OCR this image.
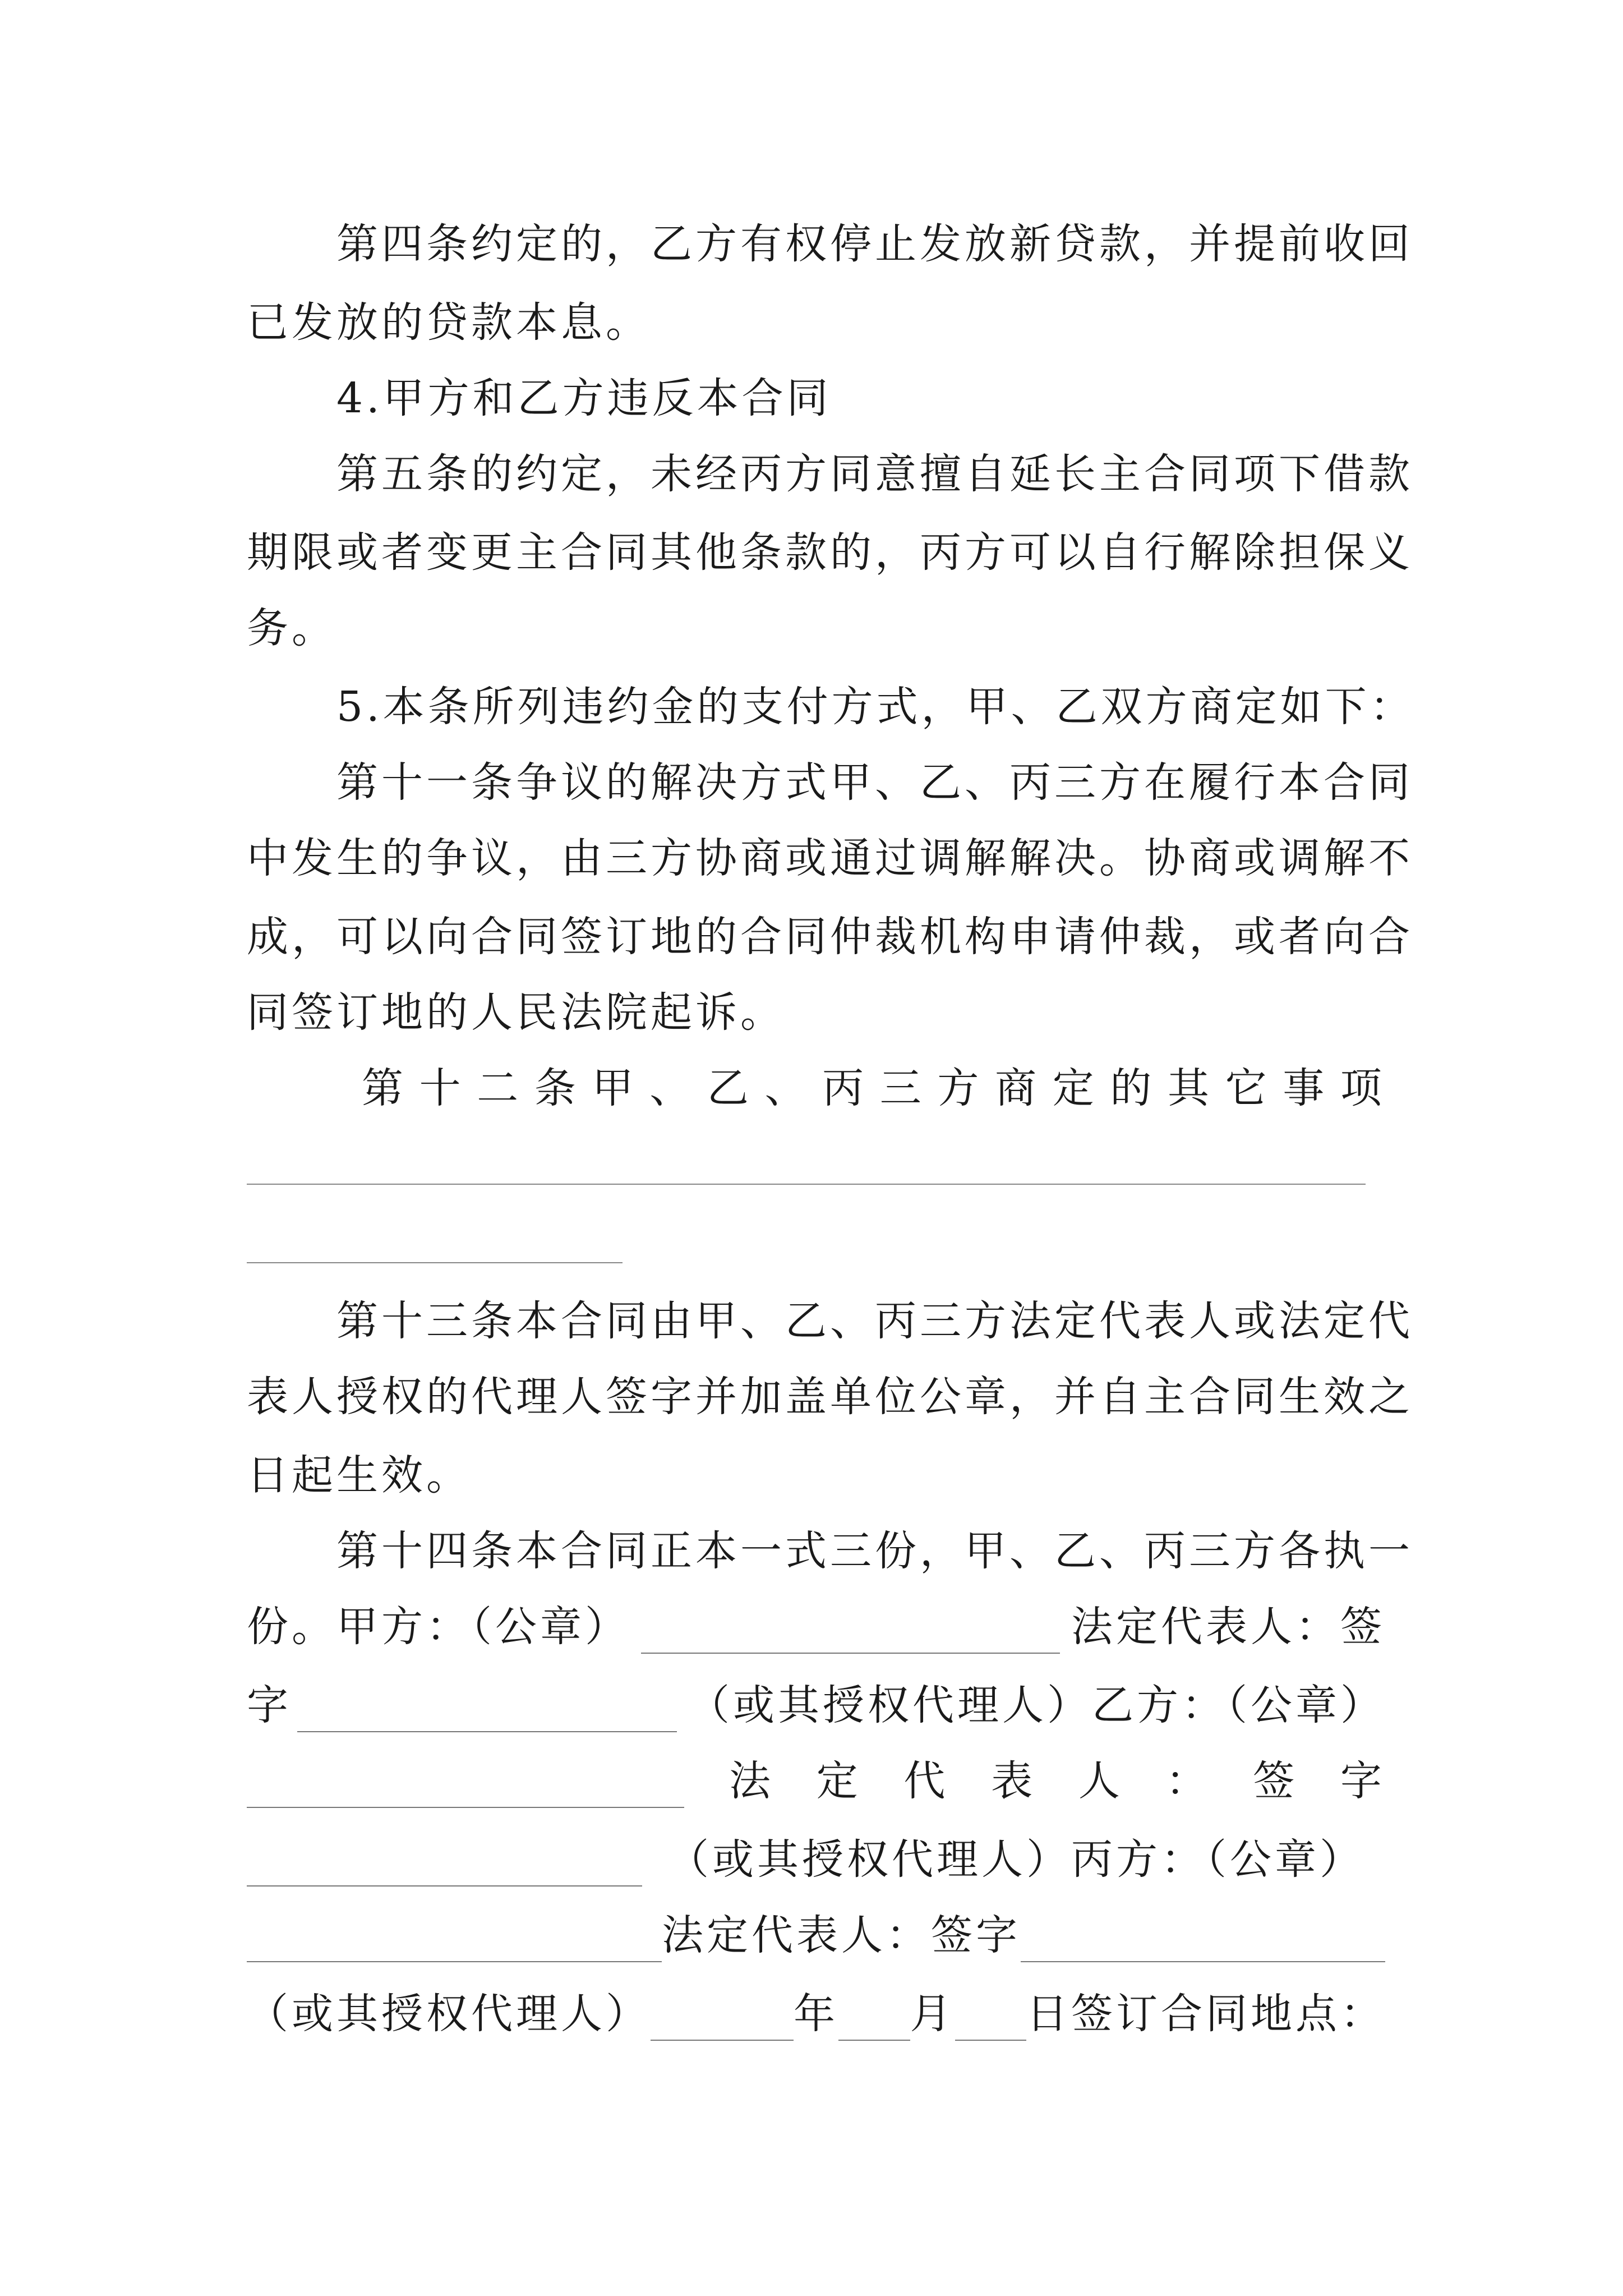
第四条约定的，乙方有权停止发放新贷款，并提前收回
已发放的贷款本息。
4.甲方和乙方违反本合同
第五条的约定，未经丙方同意擅自延长主合同项下借款
期限或者变更主合同其他条款的，丙方可以自行解除担保义
务。
5.本条所列违约金的支付方式，甲、乙双方商定如下：
第十一条争议的解决方式甲、乙、丙三方在履行本合同
中发生的争议，由三方协商或通过调解解决。协商或调解不
成，可以向合同签订地的合同仲裁机构申请仲裁，或者向合
同签订地的人民法院起诉。
第 十 二 条 甲 、 乙 、 丙 三 方 商 定 的 其 它 事 项
第十三条本合同由甲、乙、丙三方法定代表人或法定代
表人授权的代理人签字并加盖单位公章，并自主合同生效之
日起生效。
第十四条本合同正本一式三份，甲、乙、丙三方各执一
份。甲方：（公章）	法定代表人：签
字	（或其授权代理人）乙方：（公章）
法 定 代 表 人 ： 签 字
（或其授权代理人）丙方：（公章）
法定代表人：签字
（或其授权代理人）	年 月 日签订合同地点：
